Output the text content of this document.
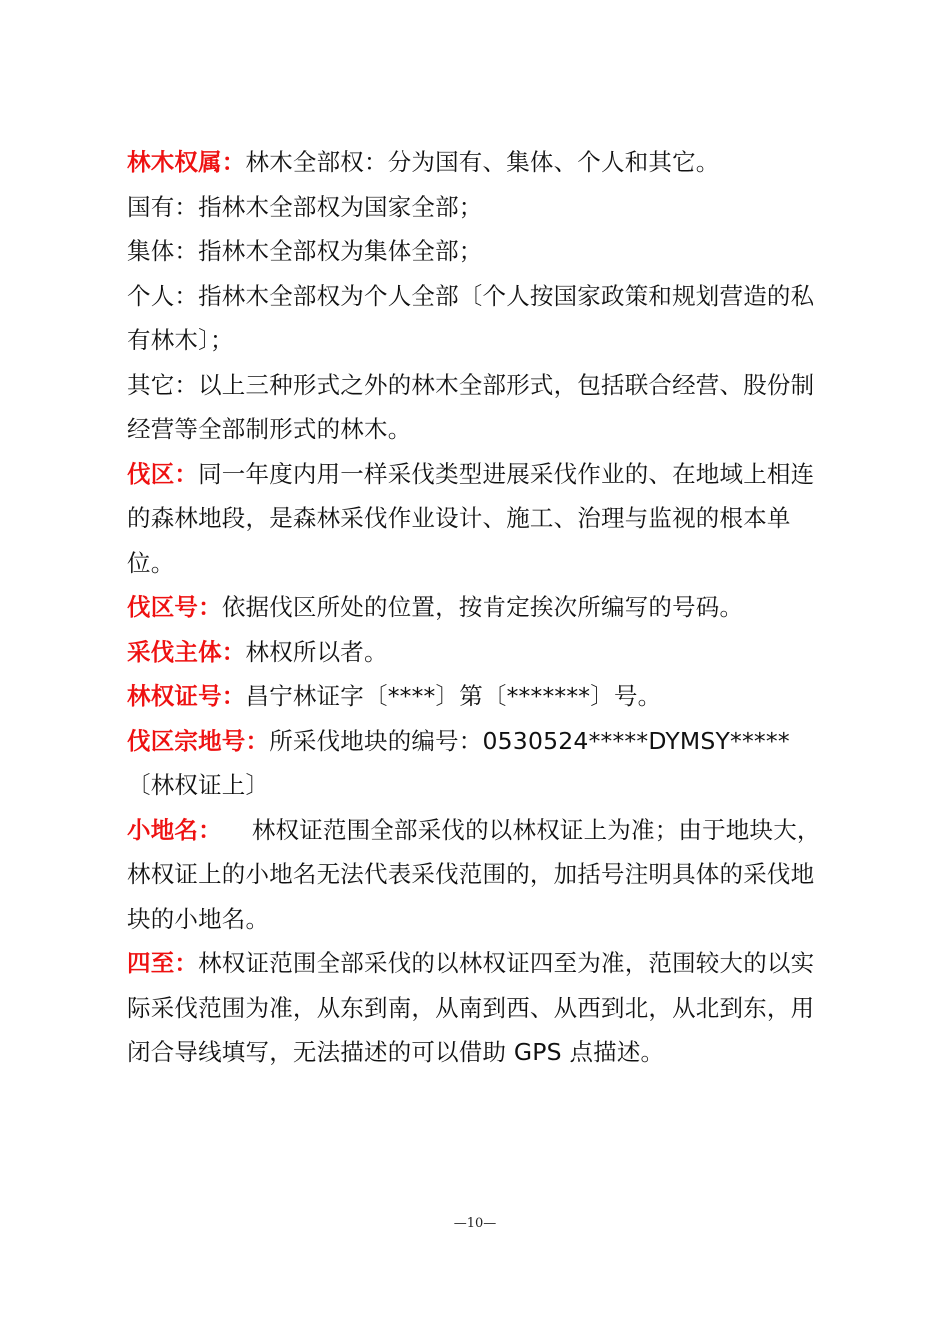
林木权属：林木全部权：分为国有、集体、个人和其它。

国有：指林木全部权为国家全部；

集体：指林木全部权为集体全部；

个人：指林木全部权为个人全部〔个人按国家政策和规划营造的私有林木〕；

其它：以上三种形式之外的林木全部形式，包括联合经营、股份制经营等全部制形式的林木。

伐区：同一年度内用一样采伐类型进展采伐作业的、在地域上相连的森林地段，是森林采伐作业设计、施工、治理与监视的根本单位。

伐区号：依据伐区所处的位置，按肯定挨次所编写的号码。

采伐主体：林权所以者。

林权证号：昌宁林证字〔****〕第〔*******〕号。

伐区宗地号：所采伐地块的编号：0530524*****DYMSY*****〔林权证上〕

小地名： 林权证范围全部采伐的以林权证上为准；由于地块大，林权证上的小地名无法代表采伐范围的，加括号注明具体的采伐地块的小地名。

四至：林权证范围全部采伐的以林权证四至为准，范围较大的以实际采伐范围为准，从东到南，从南到西、从西到北，从北到东，用闭合导线填写，无法描述的可以借助 GPS 点描述。

—10—
